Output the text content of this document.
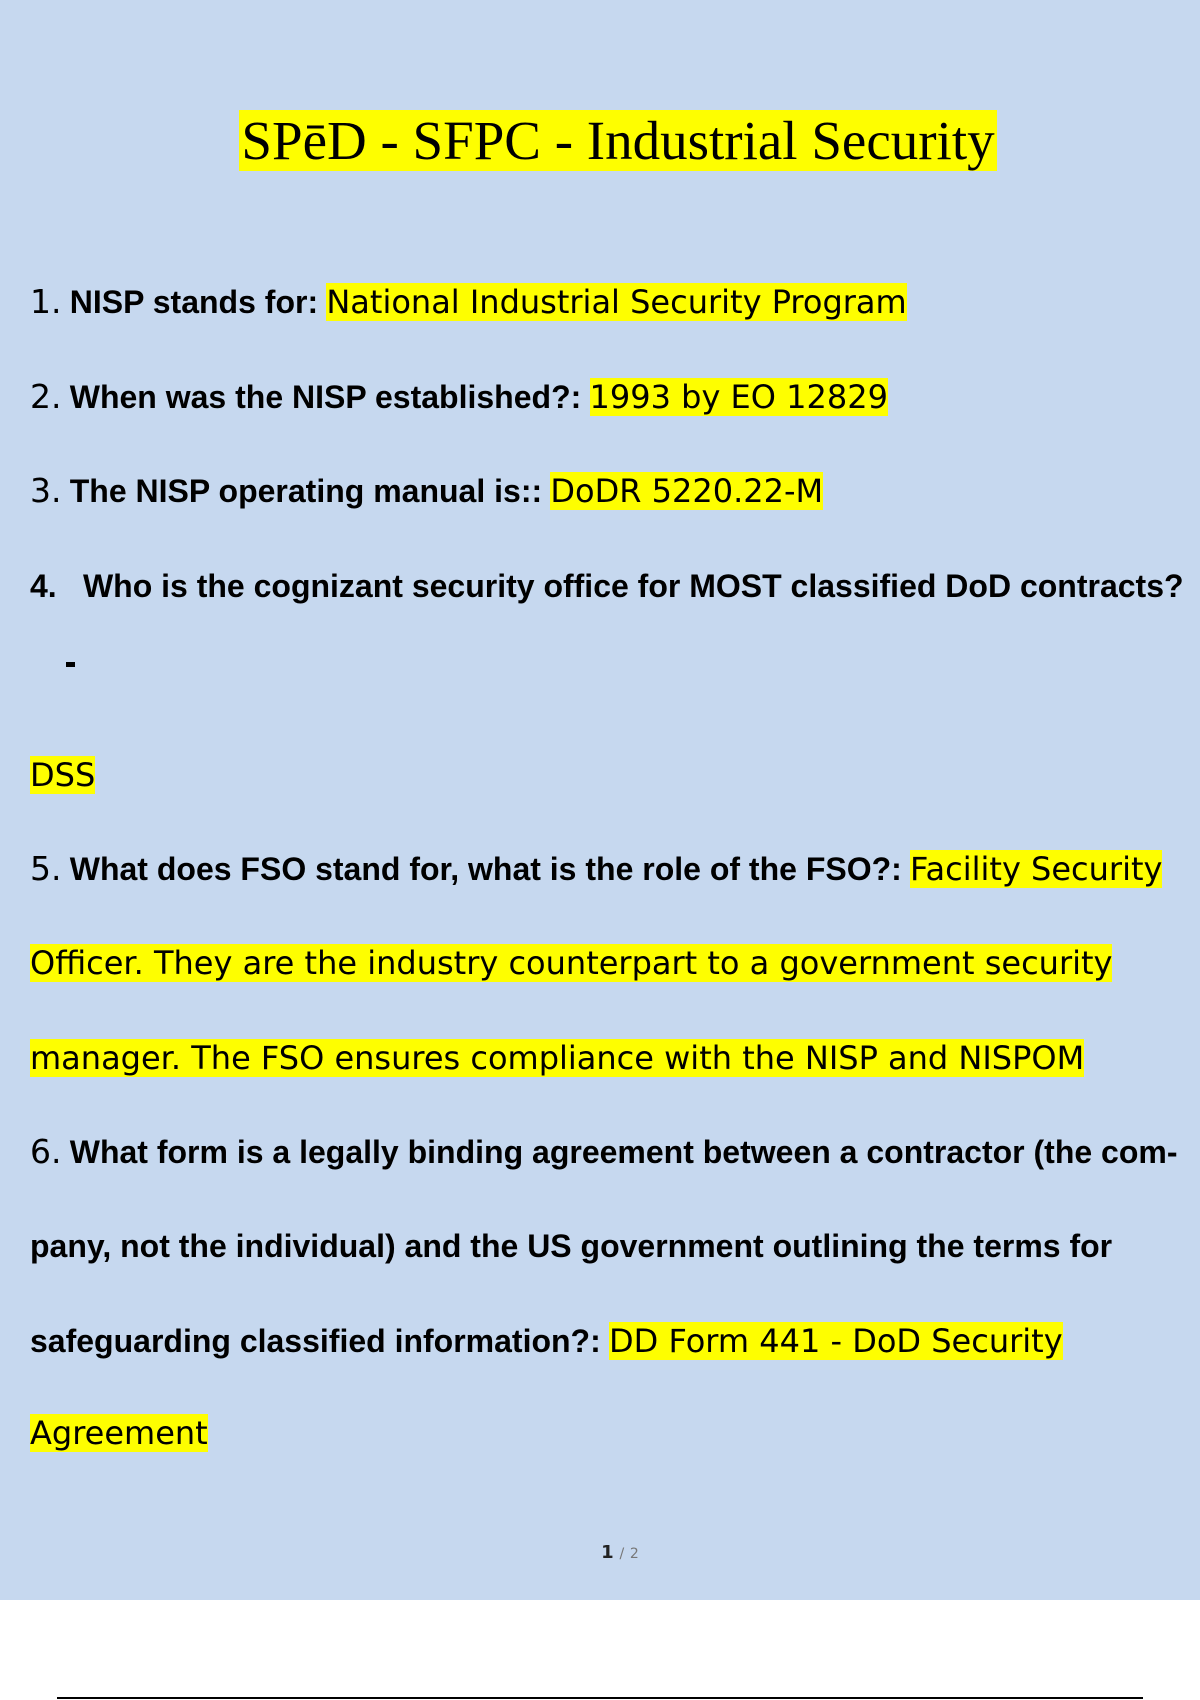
SPēD - SFPC - Industrial Security
1. NISP stands for: National Industrial Security Program
2. When was the NISP established?: 1993 by EO 12829
3. The NISP operating manual is:: DoDR 5220.22-M
4. Who is the cognizant security office for MOST classified DoD contracts?
DSS
5. What does FSO stand for, what is the role of the FSO?: Facility Security
Officer. They are the industry counterpart to a government security
manager. The FSO ensures compliance with the NISP and NISPOM
6. What form is a legally binding agreement between a contractor (the com-
pany, not the individual) and the US government outlining the terms for
safeguarding classified information?: DD Form 441 - DoD Security
Agreement
1 / 2
